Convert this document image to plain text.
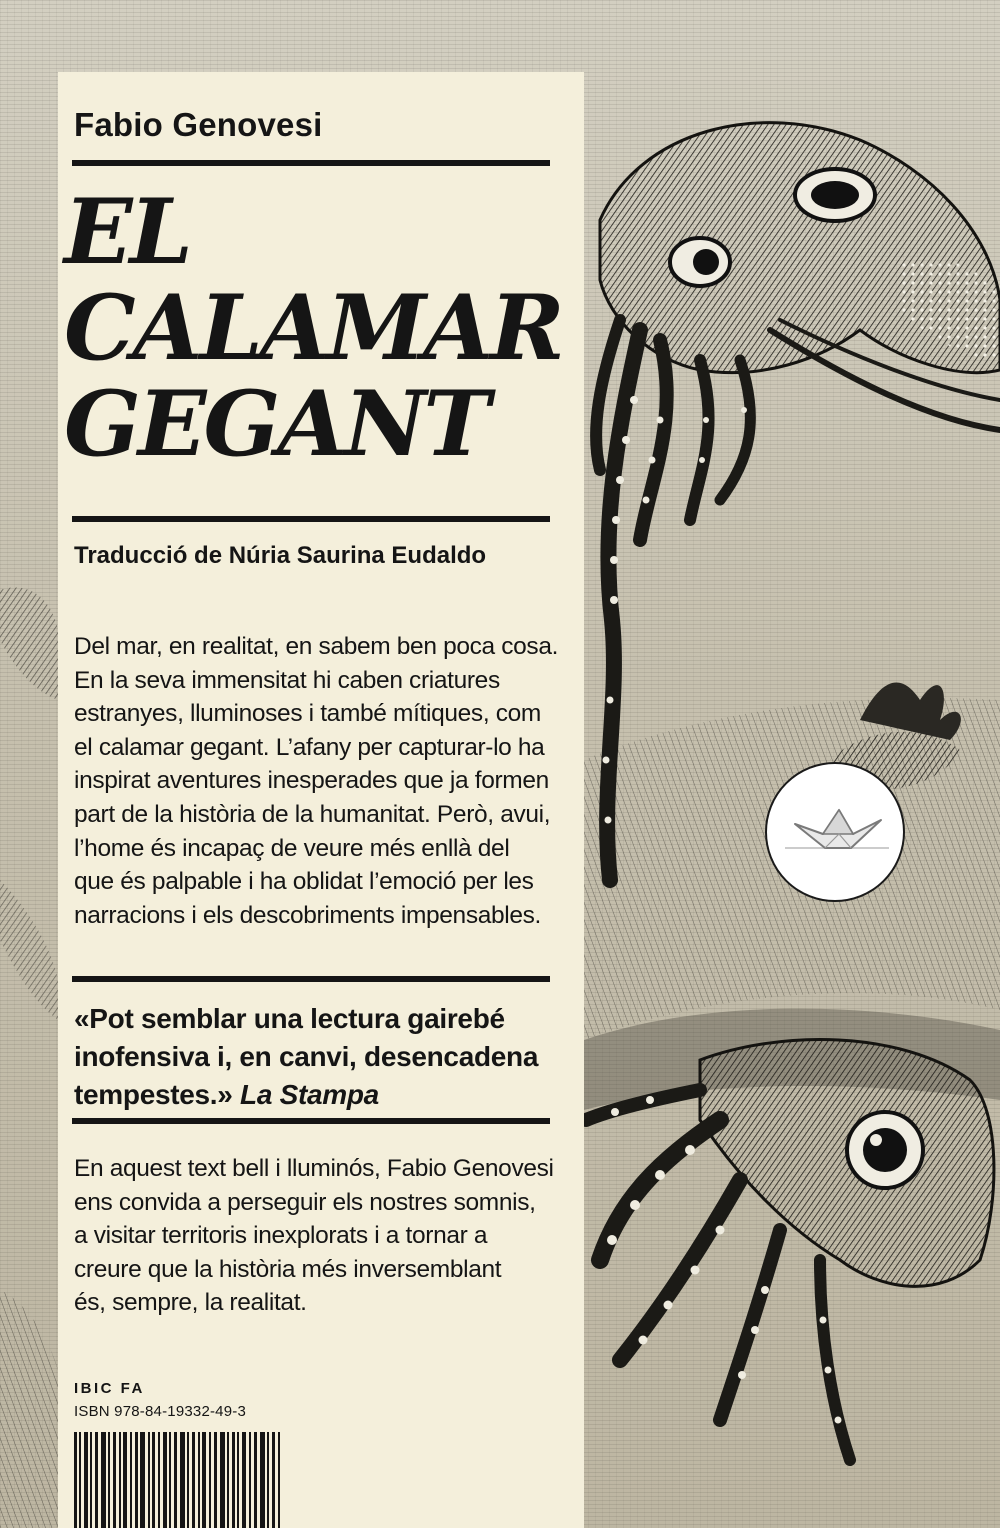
Fabio Genovesi
EL
CALAMAR
GEGANT
Traducció de Núria Saurina Eudaldo
Del mar, en realitat, en sabem ben poca cosa.
En la seva immensitat hi caben criatures
estranyes, lluminoses i també mítiques, com
el calamar gegant. L’afany per capturar-lo ha
inspirat aventures inesperades que ja formen
part de la història de la humanitat. Però, avui,
l’home és incapaç de veure més enllà del
que és palpable i ha oblidat l’emoció per les
narracions i els descobriments impensables.
«Pot semblar una lectura gairebé
inofensiva i, en canvi, desencadena
tempestes.» La Stampa
En aquest text bell i lluminós, Fabio Genovesi
ens convida a perseguir els nostres somnis,
a visitar territoris inexplorats i a tornar a
creure que la història més inversemblant
és, sempre, la realitat.
IBIC FA
ISBN 978-84-19332-49-3
